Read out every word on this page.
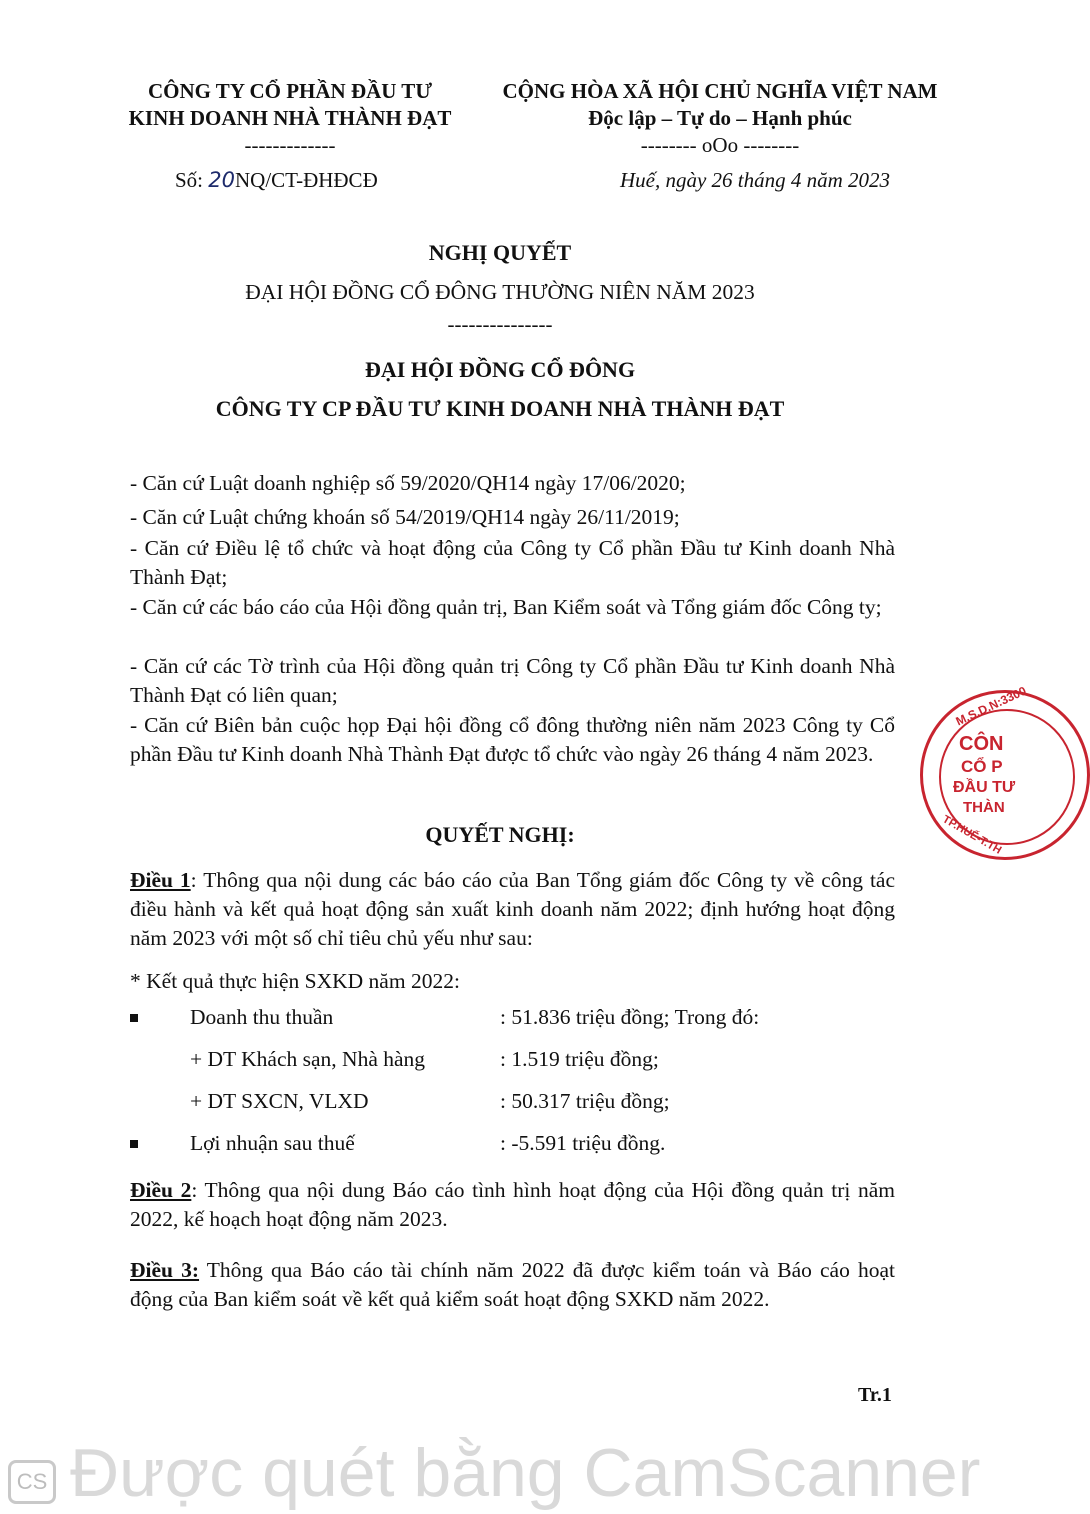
CÔNG TY CỔ PHẦN ĐẦU TƯ
KINH DOANH NHÀ THÀNH ĐẠT
-------------
CỘNG HÒA XÃ HỘI CHỦ NGHĨA VIỆT NAM
Độc lập – Tự do – Hạnh phúc
-------- oOo --------
Số: 20NQ/CT-ĐHĐCĐ	Huế, ngày 26 tháng 4 năm 2023
NGHỊ QUYẾT
ĐẠI HỘI ĐỒNG CỔ ĐÔNG THƯỜNG NIÊN NĂM 2023
---------------
ĐẠI HỘI ĐỒNG CỔ ĐÔNG
CÔNG TY CP ĐẦU TƯ KINH DOANH NHÀ THÀNH ĐẠT
- Căn cứ Luật doanh nghiệp số 59/2020/QH14 ngày 17/06/2020;
- Căn cứ Luật chứng khoán số 54/2019/QH14 ngày 26/11/2019;
- Căn cứ Điều lệ tổ chức và hoạt động của Công ty Cổ phần Đầu tư Kinh doanh Nhà Thành Đạt;
- Căn cứ các báo cáo của Hội đồng quản trị, Ban Kiểm soát và Tổng giám đốc Công ty;
- Căn cứ các Tờ trình của Hội đồng quản trị Công ty Cổ phần Đầu tư Kinh doanh Nhà Thành Đạt có liên quan;
- Căn cứ Biên bản cuộc họp Đại hội đồng cổ đông thường niên năm 2023 Công ty Cổ phần Đầu tư Kinh doanh Nhà Thành Đạt được tổ chức vào ngày 26 tháng 4 năm 2023.
QUYẾT NGHỊ:
Điều 1: Thông qua nội dung các báo cáo của Ban Tổng giám đốc Công ty về công tác điều hành và kết quả hoạt động sản xuất kinh doanh năm 2022; định hướng hoạt động năm 2023 với một số chỉ tiêu chủ yếu như sau:
* Kết quả thực hiện SXKD năm 2022:
Doanh thu thuần	: 51.836 triệu đồng; Trong đó:
+ DT Khách sạn, Nhà hàng	: 1.519 triệu đồng;
+ DT SXCN, VLXD	: 50.317 triệu đồng;
Lợi nhuận sau thuế	: -5.591 triệu đồng.
Điều 2: Thông qua nội dung Báo cáo tình hình hoạt động của Hội đồng quản trị năm 2022, kế hoạch hoạt động năm 2023.
Điều 3: Thông qua Báo cáo tài chính năm 2022 đã được kiểm toán và Báo cáo hoạt động của Ban kiểm soát về kết quả kiểm soát hoạt động SXKD năm 2022.
Tr.1
M.S.D.N:3300
CÔN
CỔ P
ĐẦU TƯ
THÀN
TP.HUẾ-T.TH
CS Được quét bằng CamScanner
